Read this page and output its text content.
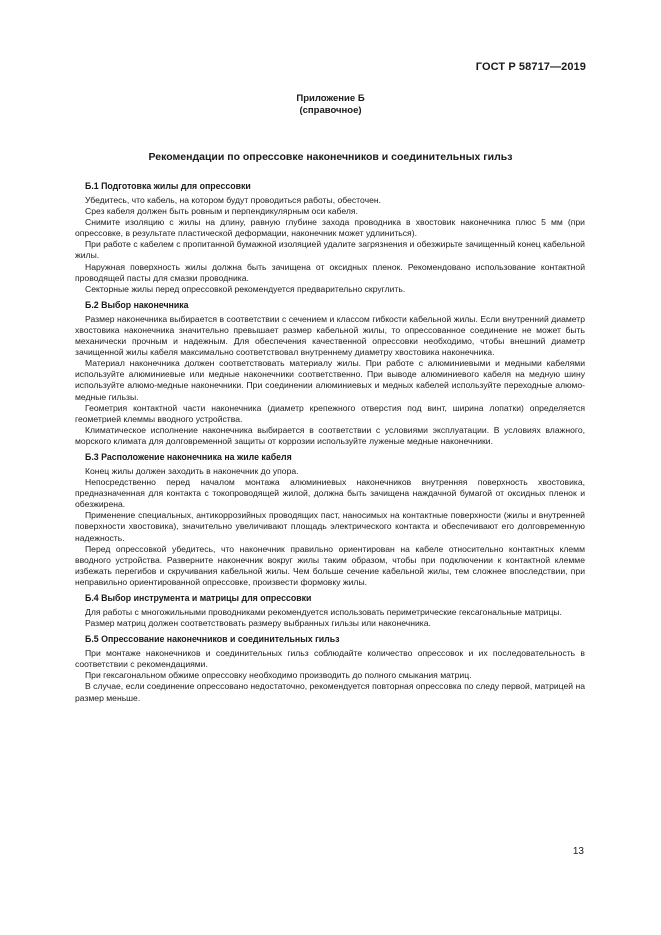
ГОСТ Р 58717—2019
Приложение Б
(справочное)
Рекомендации по опрессовке наконечников и соединительных гильз
Б.1 Подготовка жилы для опрессовки

Убедитесь, что кабель, на котором будут проводиться работы, обесточен.

Срез кабеля должен быть ровным и перпендикулярным оси кабеля.

Снимите изоляцию с жилы на длину, равную глубине захода проводника в хвостовик наконечника плюс 5 мм (при опрессовке, в результате пластической деформации, наконечник может удлиниться).

При работе с кабелем с пропитанной бумажной изоляцией удалите загрязнения и обезжирьте зачищенный конец кабельной жилы.

Наружная поверхность жилы должна быть зачищена от оксидных пленок. Рекомендовано использование контактной проводящей пасты для смазки проводника.

Секторные жилы перед опрессовкой рекомендуется предварительно скруглить.

Б.2 Выбор наконечника

Размер наконечника выбирается в соответствии с сечением и классом гибкости кабельной жилы. Если внутренний диаметр хвостовика наконечника значительно превышает размер кабельной жилы, то опрессованное соединение не может быть механически прочным и надежным. Для обеспечения качественной опрессовки необходимо, чтобы внешний диаметр зачищенной жилы кабеля максимально соответствовал внутреннему диаметру хвостовика наконечника.

Материал наконечника должен соответствовать материалу жилы. При работе с алюминиевыми и медными кабелями используйте алюминиевые или медные наконечники соответственно. При выводе алюминиевого кабеля на медную шину используйте алюмо-медные наконечники. При соединении алюминиевых и медных кабелей используйте переходные алюмо-медные гильзы.

Геометрия контактной части наконечника (диаметр крепежного отверстия под винт, ширина лопатки) определяется геометрией клеммы вводного устройства.

Климатическое исполнение наконечника выбирается в соответствии с условиями эксплуатации. В условиях влажного, морского климата для долговременной защиты от коррозии используйте луженые медные наконечники.

Б.3 Расположение наконечника на жиле кабеля

Конец жилы должен заходить в наконечник до упора.

Непосредственно перед началом монтажа алюминиевых наконечников внутренняя поверхность хвостовика, предназначенная для контакта с токопроводящей жилой, должна быть зачищена наждачной бумагой от оксидных пленок и обезжирена.

Применение специальных, антикоррозийных проводящих паст, наносимых на контактные поверхности (жилы и внутренней поверхности хвостовика), значительно увеличивают площадь электрического контакта и обеспечивают его долговременную надежность.

Перед опрессовкой убедитесь, что наконечник правильно ориентирован на кабеле относительно контактных клемм вводного устройства. Разверните наконечник вокруг жилы таким образом, чтобы при подключении к контактной клемме избежать перегибов и скручивания кабельной жилы. Чем больше сечение кабельной жилы, тем сложнее впоследствии, при неправильно ориентированной опрессовке, произвести формовку жилы.

Б.4 Выбор инструмента и матрицы для опрессовки

Для работы с многожильными проводниками рекомендуется использовать периметрические гексагональные матрицы.

Размер матриц должен соответствовать размеру выбранных гильзы или наконечника.

Б.5 Опрессование наконечников и соединительных гильз

При монтаже наконечников и соединительных гильз соблюдайте количество опрессовок и их последовательность в соответствии с рекомендациями.

При гексагональном обжиме опрессовку необходимо производить до полного смыкания матриц.

В случае, если соединение опрессовано недостаточно, рекомендуется повторная опрессовка по следу первой, матрицей на размер меньше.

13
